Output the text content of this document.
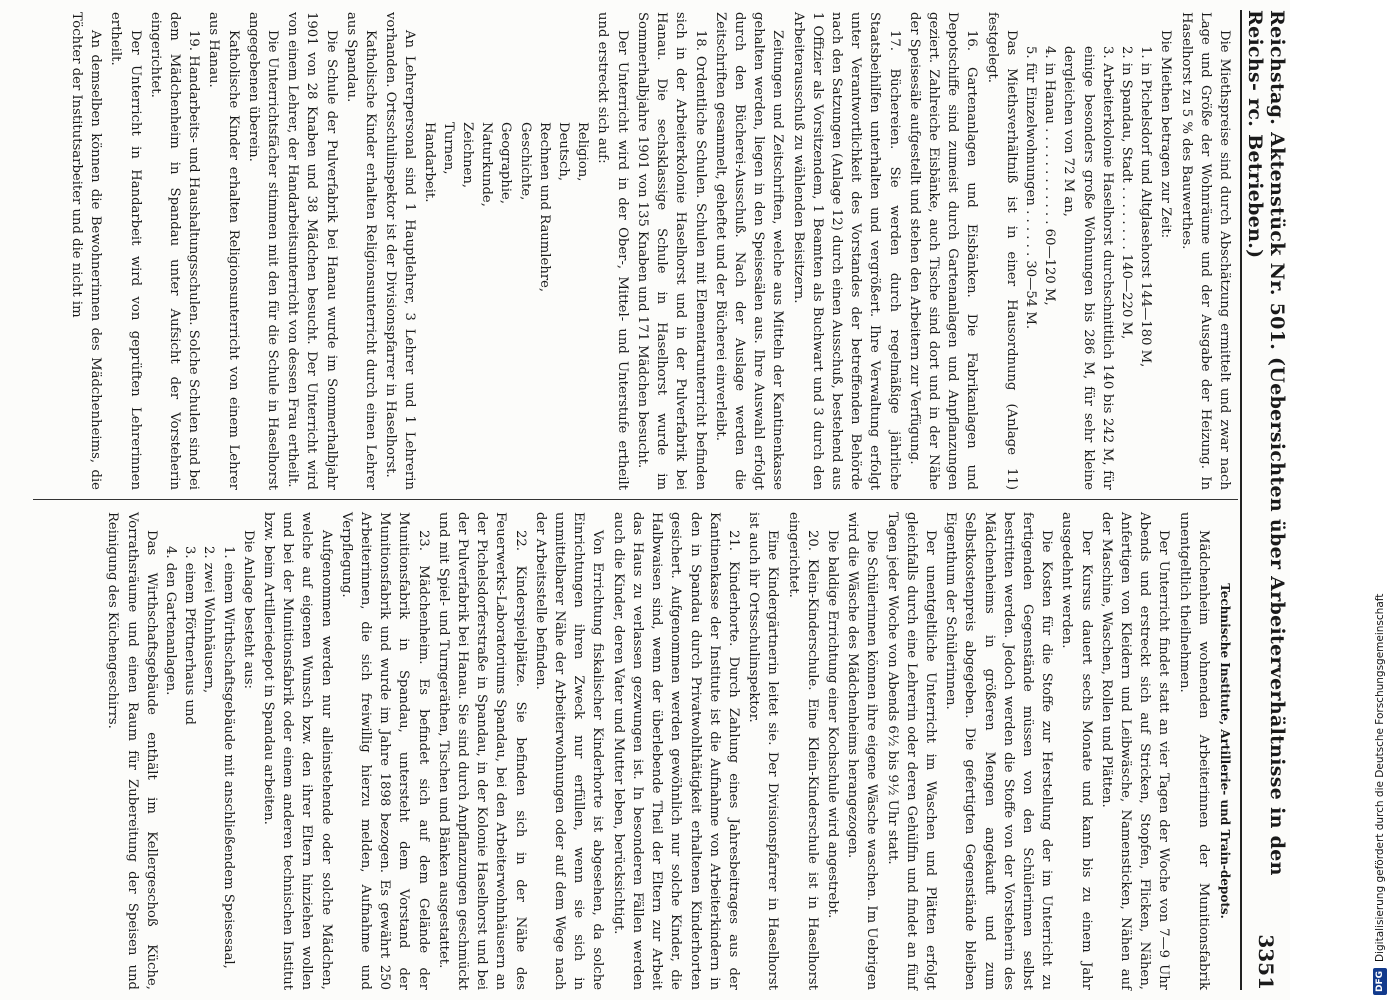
Reichstag. Aktenstück Nr. 501. (Uebersichten über Arbeiterverhältnisse in den Reichs- rc. Betrieben.)
3351

Die Miethspreise sind durch Abschätzung ermittelt und zwar nach Lage und Größe der Wohnräume und der Ausgabe der Heizung. In Haselhorst zu 5 % des Bauwerthes.

Die Miethen betragen zur Zeit:

1. in Pichelsdorf und Altglasehorst 144—180 M,

2. in Spandau, Stadt . . . . . . . . 140—220 M,

3. Arbeiterkolonie Haselhorst durchschnittlich 140 bis 242 M, für einige besonders große Wohnungen bis 286 M, für sehr kleine dergleichen von 72 M an,

4. in Hanau . . . . . . . . . . . . 60—120 M,

5. für Einzelwohnungen . . . . . . 30—54 M.

Das Miethsverhältniß ist in einer Hausordnung (Anlage 11) festgelegt.

16. Gartenanlagen und Eisbänken. Die Fabrikanlagen und Depotschiffe sind zumeist durch Gartenanlagen und Anpflanzungen geziert. Zahlreiche Eisbänke, auch Tische sind dort und in der Nähe der Speisesäle aufgestellt und stehen den Arbeitern zur Verfügung.

17. Büchereien. Sie werden durch regelmäßige jährliche Staatsbeihilfen unterhalten und vergrößert. Ihre Verwaltung erfolgt unter Verantwortlichkeit des Vorstandes der betreffenden Behörde nach den Satzungen (Anlage 12) durch einen Ausschuß, bestehend aus 1 Offizier als Vorsitzendem, 1 Beamten als Buchwart und 3 durch den Arbeiterausschuß zu wählenden Beisitzern.

Zeitungen und Zeitschriften, welche aus Mitteln der Kantinenkasse gehalten werden, liegen in den Speisesälen aus. Ihre Auswahl erfolgt durch den Bücherei-Ausschuß. Nach der Auslage werden die Zeitschriften gesammelt, geheftet und der Bücherei einverleibt.

18. Ordentliche Schulen. Schulen mit Elementarunterricht befinden sich in der Arbeiterkolonie Haselhorst und in der Pulverfabrik bei Hanau. Die sechsklassige Schule in Haselhorst wurde im Sommerhalbjahre 1901 von 135 Knaben und 171 Mädchen besucht.

Der Unterricht wird in der Ober-, Mittel- und Unterstufe ertheilt und erstreckt sich auf:

Religion,

Deutsch,

Rechnen und Raumlehre,

Geschichte,

Geographie,

Naturkunde,

Zeichnen,

Turnen,

Handarbeit.

An Lehrerpersonal sind 1 Hauptlehrer, 3 Lehrer und 1 Lehrerin vorhanden. Ortsschulinspektor ist der Divisionspfarrer in Haselhorst.

Katholische Kinder erhalten Religionsunterricht durch einen Lehrer aus Spandau.

Die Schule der Pulverfabrik bei Hanau wurde im Sommerhalbjahr 1901 von 28 Knaben und 38 Mädchen besucht. Der Unterricht wird von einem Lehrer, der Handarbeitsunterricht von dessen Frau ertheilt.

Die Unterrichtsfächer stimmen mit den für die Schule in Haselhorst angegebenen überein.

Katholische Kinder erhalten Religionsunterricht von einem Lehrer aus Hanau.

19. Handarbeits- und Haushaltungsschulen. Solche Schulen sind bei dem Mädchenheim in Spandau unter Aufsicht der Vorsteherin eingerichtet.

Der Unterricht in Handarbeit wird von geprüften Lehrerinnen ertheilt.

An demselben können die Bewohnerinnen des Mädchenheims, die Töchter der Institutsarbeiter und die nicht im

Technische Institute, Artillerie- und Train-depots.

Mädchenheim wohnenden Arbeiterinnen der Munitionsfabrik unentgeltlich theilnehmen.

Der Unterricht findet statt an vier Tagen der Woche von 7—9 Uhr Abends und erstreckt sich auf Stricken, Stopfen, Flicken, Nähen, Anfertigen von Kleidern und Leibwäsche, Namensticken, Nähen auf der Maschine, Waschen, Rollen und Plätten.

Der Kursus dauert sechs Monate und kann bis zu einem Jahr ausgedehnt werden.

Die Kosten für die Stoffe zur Herstellung der im Unterricht zu fertigenden Gegenstände müssen von den Schülerinnen selbst bestritten werden. Jedoch werden die Stoffe von der Vorsteherin des Mädchenheims in größeren Mengen angekauft und zum Selbstkostenpreis abgegeben. Die gefertigten Gegenstände bleiben Eigenthum der Schülerinnen.

Der unentgeltliche Unterricht im Waschen und Plätten erfolgt gleichfalls durch eine Lehrerin oder deren Gehülfin und findet an fünf Tagen jeder Woche von Abends 6½ bis 9½ Uhr statt.

Die Schülerinnen können ihre eigene Wäsche waschen. Im Uebrigen wird die Wäsche des Mädchenheims herangezogen.

Die baldige Errichtung einer Kochschule wird angestrebt.

20. Klein-Kinderschule. Eine Klein-Kinderschule ist in Haselhorst eingerichtet.

Eine Kindergärtnerin leitet sie. Der Divisionspfarrer in Haselhorst ist auch ihr Ortsschulinspektor.

21. Kinderhorte. Durch Zahlung eines Jahresbeitrages aus der Kantinenkasse der Institute ist die Aufnahme von Arbeiterkindern in den in Spandau durch Privatwohlthätigkeit erhaltenen Kinderhorten gesichert. Aufgenommen werden gewöhnlich nur solche Kinder, die Halbwaisen sind, wenn der überlebende Theil der Eltern zur Arbeit das Haus zu verlassen gezwungen ist. In besonderen Fällen werden auch die Kinder, deren Vater und Mutter leben, berücksichtigt.

Von Errichtung fiskalischer Kinderhorte ist abgesehen, da solche Einrichtungen ihren Zweck nur erfüllen, wenn sie sich in unmittelbarer Nähe der Arbeiterwohnungen oder auf dem Wege nach der Arbeitsstelle befinden.

22. Kinderspielplätze. Sie befinden sich in der Nähe des Feuerwerks-Laboratoriums Spandau, bei den Arbeiterwohnhäusern an der Pichelsdorferstraße in Spandau, in der Kolonie Haselhorst und bei der Pulverfabrik bei Hanau. Sie sind durch Anpflanzungen geschmückt und mit Spiel- und Turngeräthen, Tischen und Bänken ausgestattet.

23. Mädchenheim. Es befindet sich auf dem Gelände der Munitionsfabrik in Spandau, untersteht dem Vorstand der Munitionsfabrik und wurde im Jahre 1898 bezogen. Es gewährt 250 Arbeiterinnen, die sich freiwillig hierzu melden, Aufnahme und Verpflegung.

Aufgenommen werden nur alleinstehende oder solche Mädchen, welche auf eigenen Wunsch bzw. den ihrer Eltern hinziehen wollen und bei der Munitionsfabrik oder einem anderen technischen Institut bzw. beim Artilleriedepot in Spandau arbeiten.

Die Anlage besteht aus:

1. einem Wirthschaftsgebäude mit anschließendem Speisesaal,

2. zwei Wohnhäusern,

3. einem Pförtnerhaus und

4. den Gartenanlagen.

Das Wirthschaftsgebäude enthält im Kellergeschoß Küche, Vorrathsräume und einen Raum für Zubereitung der Speisen und Reinigung des Küchengeschirrs.

DFG
Digitalisierung gefördert durch die Deutsche Forschungsgemeinschaft
